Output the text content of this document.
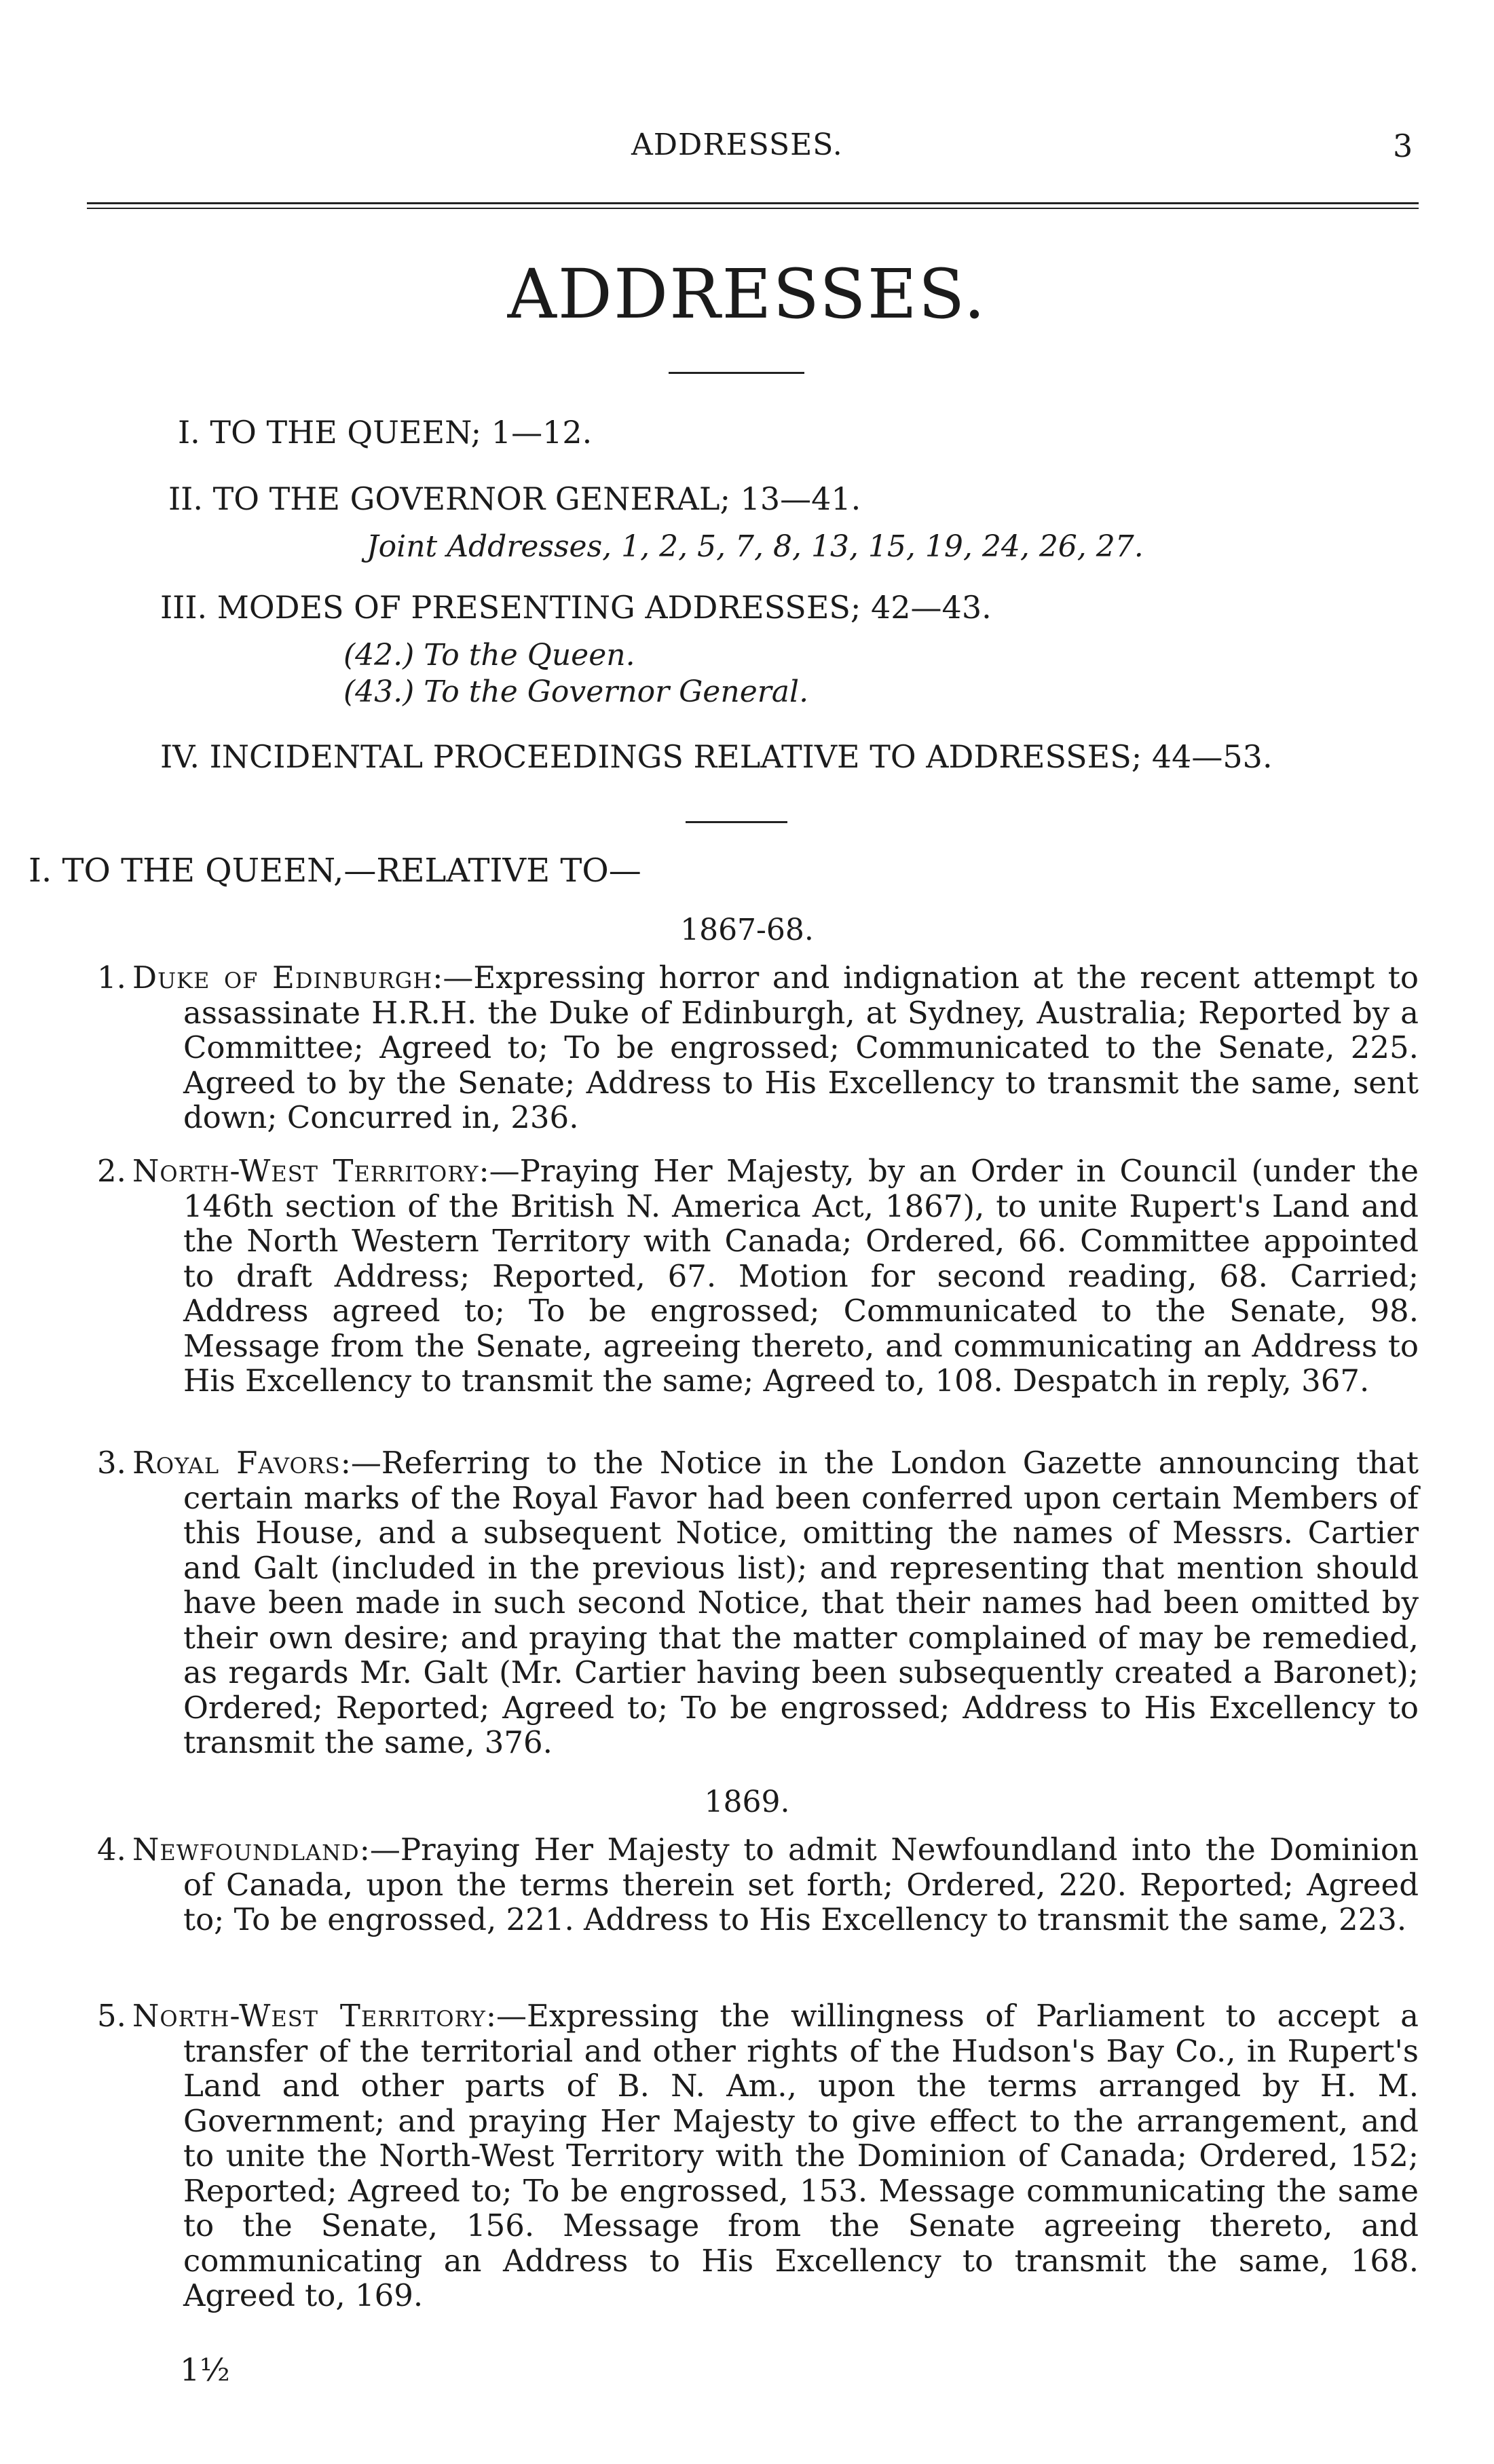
ADDRESSES.	3
ADDRESSES.
I. TO THE QUEEN; 1—12.
II. TO THE GOVERNOR GENERAL; 13—41.
Joint Addresses, 1, 2, 5, 7, 8, 13, 15, 19, 24, 26, 27.
III. MODES OF PRESENTING ADDRESSES; 42—43.
(42.) To the Queen.
(43.) To the Governor General.
IV. INCIDENTAL PROCEEDINGS RELATIVE TO ADDRESSES; 44—53.
I. TO THE QUEEN,—RELATIVE TO—
1867-68.
1. Duke of Edinburgh:—Expressing horror and indignation at the recent attempt to assassinate H.R.H. the Duke of Edinburgh, at Sydney, Australia; Reported by a Committee; Agreed to; To be engrossed; Communicated to the Senate, 225. Agreed to by the Senate; Address to His Excellency to transmit the same, sent down; Concurred in, 236.
2. North-West Territory:—Praying Her Majesty, by an Order in Council (under the 146th section of the British N. America Act, 1867), to unite Rupert's Land and the North Western Territory with Canada; Ordered, 66. Committee appointed to draft Address; Reported, 67. Motion for second reading, 68. Carried; Address agreed to; To be engrossed; Communicated to the Senate, 98. Message from the Senate, agreeing thereto, and communicating an Address to His Excellency to transmit the same; Agreed to, 108. Despatch in reply, 367.
3. Royal Favors:—Referring to the Notice in the London Gazette announcing that certain marks of the Royal Favor had been conferred upon certain Members of this House, and a subsequent Notice, omitting the names of Messrs. Cartier and Galt (included in the previous list); and representing that mention should have been made in such second Notice, that their names had been omitted by their own desire; and praying that the matter complained of may be remedied, as regards Mr. Galt (Mr. Cartier having been subsequently created a Baronet); Ordered; Reported; Agreed to; To be engrossed; Address to His Excellency to transmit the same, 376.
1869.
4. Newfoundland:—Praying Her Majesty to admit Newfoundland into the Dominion of Canada, upon the terms therein set forth; Ordered, 220. Reported; Agreed to; To be engrossed, 221. Address to His Excellency to transmit the same, 223.
5. North-West Territory:—Expressing the willingness of Parliament to accept a transfer of the territorial and other rights of the Hudson's Bay Co., in Rupert's Land and other parts of B. N. Am., upon the terms arranged by H. M. Government; and praying Her Majesty to give effect to the arrangement, and to unite the North-West Territory with the Dominion of Canada; Ordered, 152; Reported; Agreed to; To be engrossed, 153. Message communicating the same to the Senate, 156. Message from the Senate agreeing thereto, and communicating an Address to His Excellency to transmit the same, 168. Agreed to, 169.
1½
